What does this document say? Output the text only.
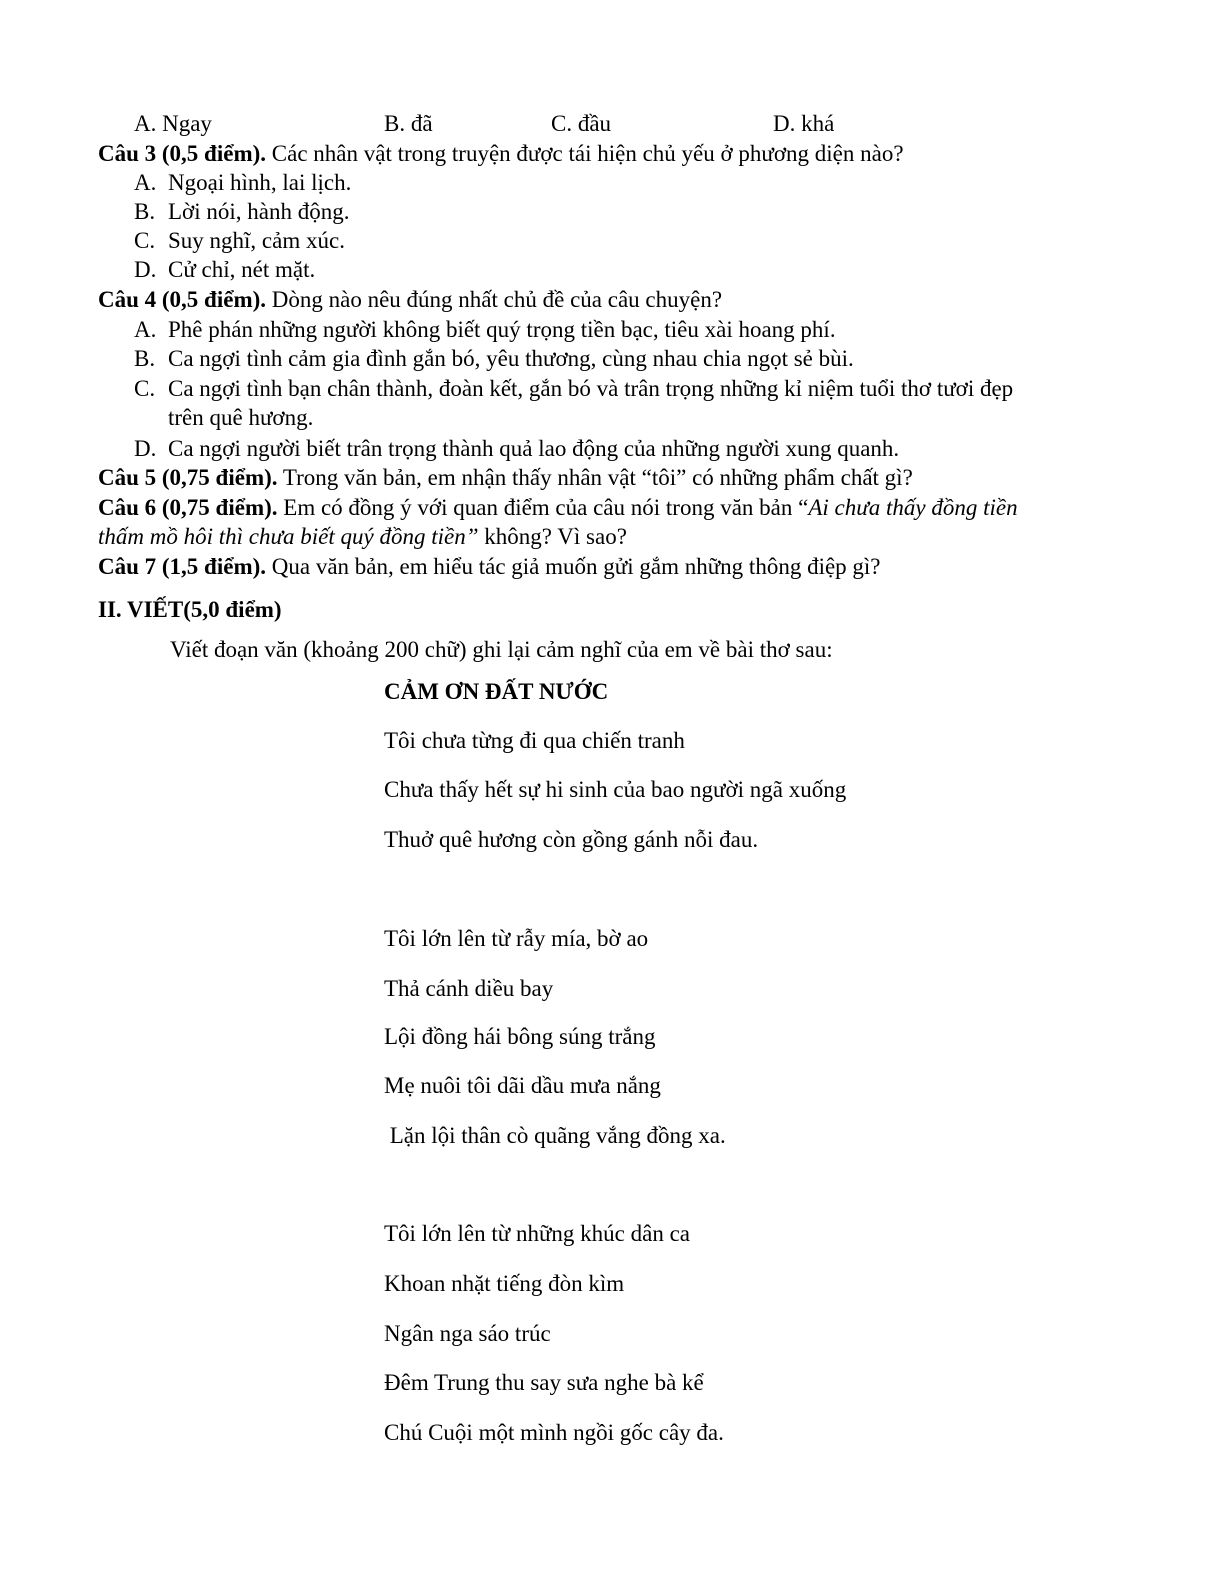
A. Ngay	B. đã	C. đầu	D. khá
Câu 3 (0,5 điểm). Các nhân vật trong truyện được tái hiện chủ yếu ở phương diện nào?
A. Ngoại hình, lai lịch.
B. Lời nói, hành động.
C. Suy nghĩ, cảm xúc.
D. Cử chỉ, nét mặt.
Câu 4 (0,5 điểm). Dòng nào nêu đúng nhất chủ đề của câu chuyện?
A. Phê phán những người không biết quý trọng tiền bạc, tiêu xài hoang phí.
B. Ca ngợi tình cảm gia đình gắn bó, yêu thương, cùng nhau chia ngọt sẻ bùi.
C. Ca ngợi tình bạn chân thành, đoàn kết, gắn bó và trân trọng những kỉ niệm tuổi thơ tươi đẹp
trên quê hương.
D. Ca ngợi người biết trân trọng thành quả lao động của những người xung quanh.
Câu 5 (0,75 điểm). Trong văn bản, em nhận thấy nhân vật “tôi” có những phẩm chất gì?
Câu 6 (0,75 điểm). Em có đồng ý với quan điểm của câu nói trong văn bản “Ai chưa thấy đồng tiền
thấm mồ hôi thì chưa biết quý đồng tiền” không? Vì sao?
Câu 7 (1,5 điểm). Qua văn bản, em hiểu tác giả muốn gửi gắm những thông điệp gì?
II. VIẾT(5,0 điểm)
Viết đoạn văn (khoảng 200 chữ) ghi lại cảm nghĩ của em về bài thơ sau:
CẢM ƠN ĐẤT NƯỚC
Tôi chưa từng đi qua chiến tranh
Chưa thấy hết sự hi sinh của bao người ngã xuống
Thuở quê hương còn gồng gánh nỗi đau.
Tôi lớn lên từ rẫy mía, bờ ao
Thả cánh diều bay
Lội đồng hái bông súng trắng
Mẹ nuôi tôi dãi dầu mưa nắng
Lặn lội thân cò quãng vắng đồng xa.
Tôi lớn lên từ những khúc dân ca
Khoan nhặt tiếng đòn kìm
Ngân nga sáo trúc
Đêm Trung thu say sưa nghe bà kể
Chú Cuội một mình ngồi gốc cây đa.
